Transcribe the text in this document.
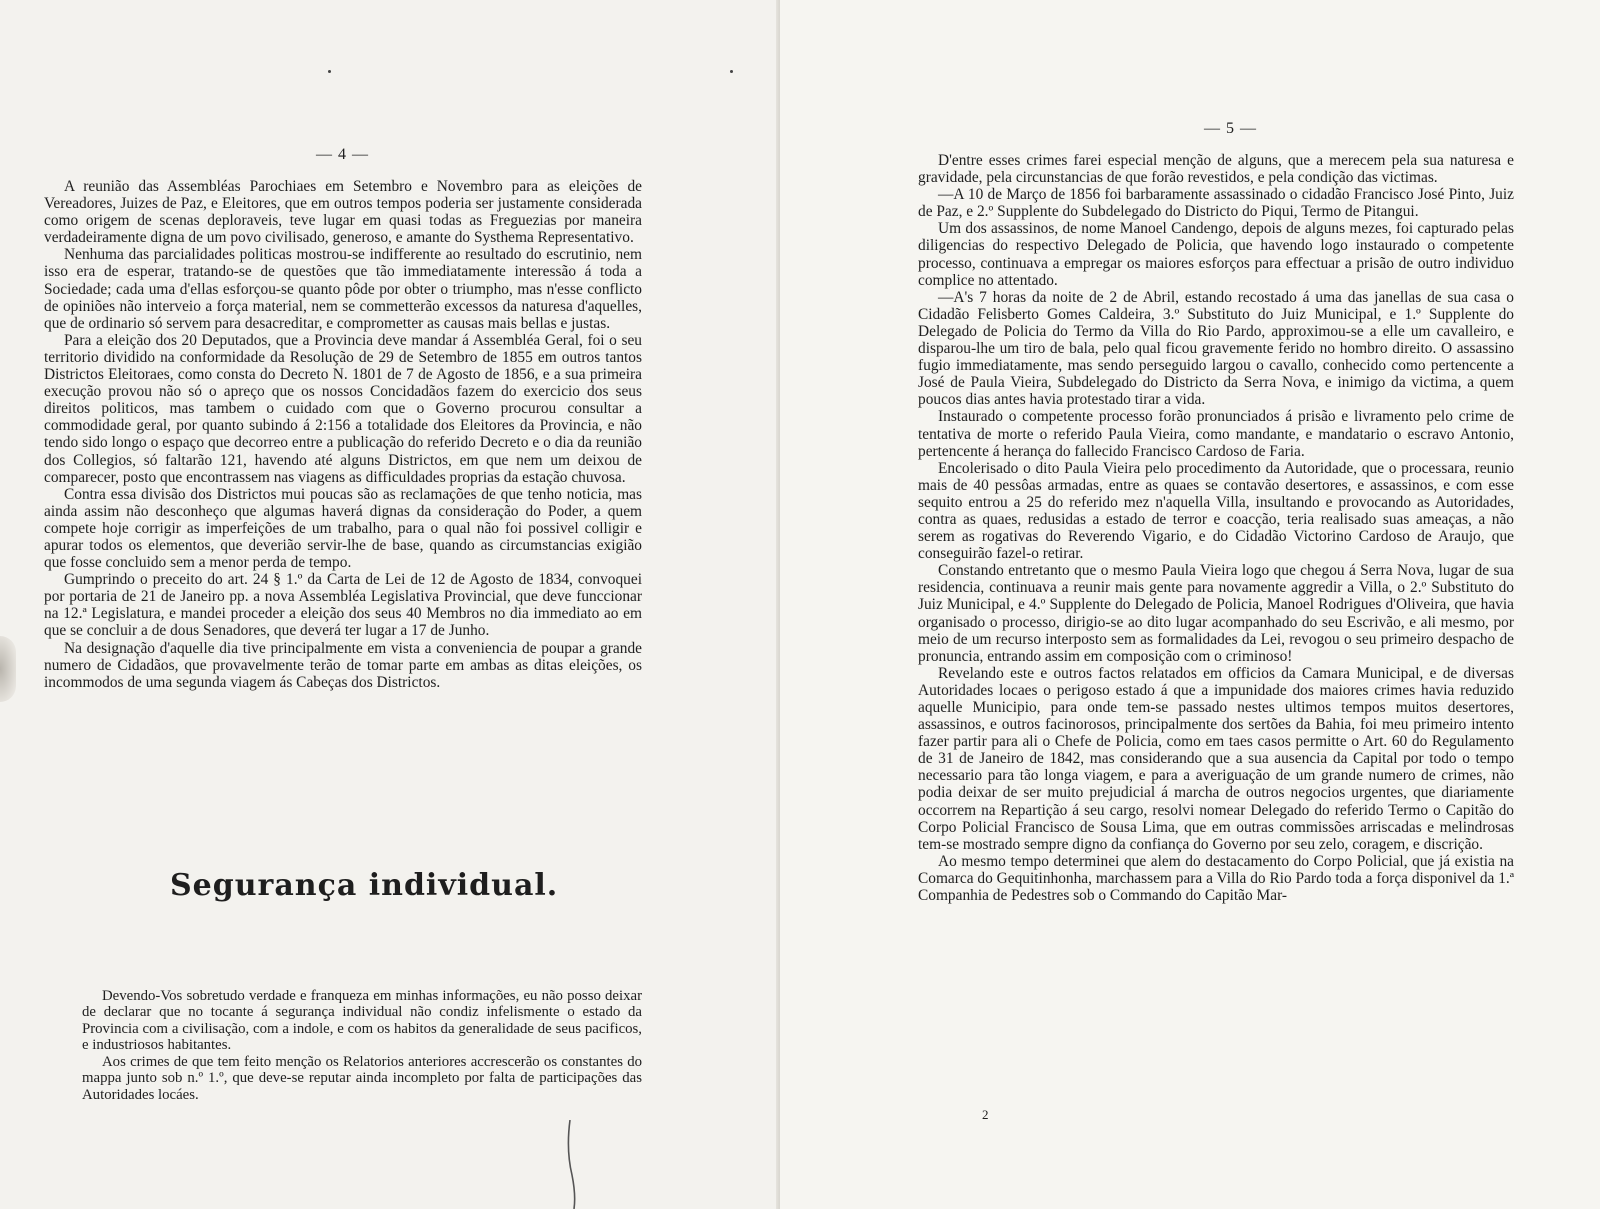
— 4 —

A reunião das Assembléas Parochiaes em Setembro e Novembro para as eleições de Vereadores, Juizes de Paz, e Eleitores, que em outros tempos poderia ser justamente considerada como origem de scenas deploraveis, teve lugar em quasi todas as Freguezias por maneira verdadeiramente digna de um povo civilisado, generoso, e amante do Systhema Representativo.

Nenhuma das parcialidades politicas mostrou-se indifferente ao resultado do escrutinio, nem isso era de esperar, tratando-se de questões que tão immediatamente interessão á toda a Sociedade; cada uma d'ellas esforçou-se quanto pôde por obter o triumpho, mas n'esse conflicto de opiniões não interveio a força material, nem se commetterão excessos da naturesa d'aquelles, que de ordinario só servem para desacreditar, e comprometter as causas mais bellas e justas.

Para a eleição dos 20 Deputados, que a Provincia deve mandar á Assembléa Geral, foi o seu territorio dividido na conformidade da Resolução de 29 de Setembro de 1855 em outros tantos Districtos Eleitoraes, como consta do Decreto N. 1801 de 7 de Agosto de 1856, e a sua primeira execução provou não só o apreço que os nossos Concidadãos fazem do exercicio dos seus direitos politicos, mas tambem o cuidado com que o Governo procurou consultar a commodidade geral, por quanto subindo á 2:156 a totalidade dos Eleitores da Provincia, e não tendo sido longo o espaço que decorreo entre a publicação do referido Decreto e o dia da reunião dos Collegios, só faltarão 121, havendo até alguns Districtos, em que nem um deixou de comparecer, posto que encontrassem nas viagens as difficuldades proprias da estação chuvosa.

Contra essa divisão dos Districtos mui poucas são as reclamações de que tenho noticia, mas ainda assim não desconheço que algumas haverá dignas da consideração do Poder, a quem compete hoje corrigir as imperfeições de um trabalho, para o qual não foi possivel colligir e apurar todos os elementos, que deverião servir-lhe de base, quando as circumstancias exigião que fosse concluido sem a menor perda de tempo.

Gumprindo o preceito do art. 24 § 1.º da Carta de Lei de 12 de Agosto de 1834, convoquei por portaria de 21 de Janeiro pp. a nova Assembléa Legislativa Provincial, que deve funccionar na 12.ª Legislatura, e mandei proceder a eleição dos seus 40 Membros no dia immediato ao em que se concluir a de dous Senadores, que deverá ter lugar a 17 de Junho.

Na designação d'aquelle dia tive principalmente em vista a conveniencia de poupar a grande numero de Cidadãos, que provavelmente terão de tomar parte em ambas as ditas eleições, os incommodos de uma segunda viagem ás Cabeças dos Districtos.

Segurança individual.

Devendo-Vos sobretudo verdade e franqueza em minhas informações, eu não posso deixar de declarar que no tocante á segurança individual não condiz infelismente o estado da Provincia com a civilisação, com a indole, e com os habitos da generalidade de seus pacificos, e industriosos habitantes.

Aos crimes de que tem feito menção os Relatorios anteriores accrescerão os constantes do mappa junto sob n.º 1.º, que deve-se reputar ainda incompleto por falta de participações das Autoridades locáes.

— 5 —

D'entre esses crimes farei especial menção de alguns, que a merecem pela sua naturesa e gravidade, pela circunstancias de que forão revestidos, e pela condição das victimas.

—A 10 de Março de 1856 foi barbaramente assassinado o cidadão Francisco José Pinto, Juiz de Paz, e 2.º Supplente do Subdelegado do Districto do Piqui, Termo de Pitangui.

Um dos assassinos, de nome Manoel Candengo, depois de alguns mezes, foi capturado pelas diligencias do respectivo Delegado de Policia, que havendo logo instaurado o competente processo, continuava a empregar os maiores esforços para effectuar a prisão de outro individuo complice no attentado.

—A's 7 horas da noite de 2 de Abril, estando recostado á uma das janellas de sua casa o Cidadão Felisberto Gomes Caldeira, 3.º Substituto do Juiz Municipal, e 1.º Supplente do Delegado de Policia do Termo da Villa do Rio Pardo, approximou-se a elle um cavalleiro, e disparou-lhe um tiro de bala, pelo qual ficou gravemente ferido no hombro direito. O assassino fugio immediatamente, mas sendo perseguido largou o cavallo, conhecido como pertencente a José de Paula Vieira, Subdelegado do Districto da Serra Nova, e inimigo da victima, a quem poucos dias antes havia protestado tirar a vida.

Instaurado o competente processo forão pronunciados á prisão e livramento pelo crime de tentativa de morte o referido Paula Vieira, como mandante, e mandatario o escravo Antonio, pertencente á herança do fallecido Francisco Cardoso de Faria.

Encolerisado o dito Paula Vieira pelo procedimento da Autoridade, que o processara, reunio mais de 40 pessôas armadas, entre as quaes se contavão desertores, e assassinos, e com esse sequito entrou a 25 do referido mez n'aquella Villa, insultando e provocando as Autoridades, contra as quaes, redusidas a estado de terror e coacção, teria realisado suas ameaças, a não serem as rogativas do Reverendo Vigario, e do Cidadão Victorino Cardoso de Araujo, que conseguirão fazel-o retirar.

Constando entretanto que o mesmo Paula Vieira logo que chegou á Serra Nova, lugar de sua residencia, continuava a reunir mais gente para novamente aggredir a Villa, o 2.º Substituto do Juiz Municipal, e 4.º Supplente do Delegado de Policia, Manoel Rodrigues d'Oliveira, que havia organisado o processo, dirigio-se ao dito lugar acompanhado do seu Escrivão, e ali mesmo, por meio de um recurso interposto sem as formalidades da Lei, revogou o seu primeiro despacho de pronuncia, entrando assim em composição com o criminoso!

Revelando este e outros factos relatados em officios da Camara Municipal, e de diversas Autoridades locaes o perigoso estado á que a impunidade dos maiores crimes havia reduzido aquelle Municipio, para onde tem-se passado nestes ultimos tempos muitos desertores, assassinos, e outros facinorosos, principalmente dos sertões da Bahia, foi meu primeiro intento fazer partir para ali o Chefe de Policia, como em taes casos permitte o Art. 60 do Regulamento de 31 de Janeiro de 1842, mas considerando que a sua ausencia da Capital por todo o tempo necessario para tão longa viagem, e para a averiguação de um grande numero de crimes, não podia deixar de ser muito prejudicial á marcha de outros negocios urgentes, que diariamente occorrem na Repartição á seu cargo, resolvi nomear Delegado do referido Termo o Capitão do Corpo Policial Francisco de Sousa Lima, que em outras commissões arriscadas e melindrosas tem-se mostrado sempre digno da confiança do Governo por seu zelo, coragem, e discrição.

Ao mesmo tempo determinei que alem do destacamento do Corpo Policial, que já existia na Comarca do Gequitinhonha, marchassem para a Villa do Rio Pardo toda a força disponivel da 1.ª Companhia de Pedestres sob o Commando do Capitão Mar-

2
